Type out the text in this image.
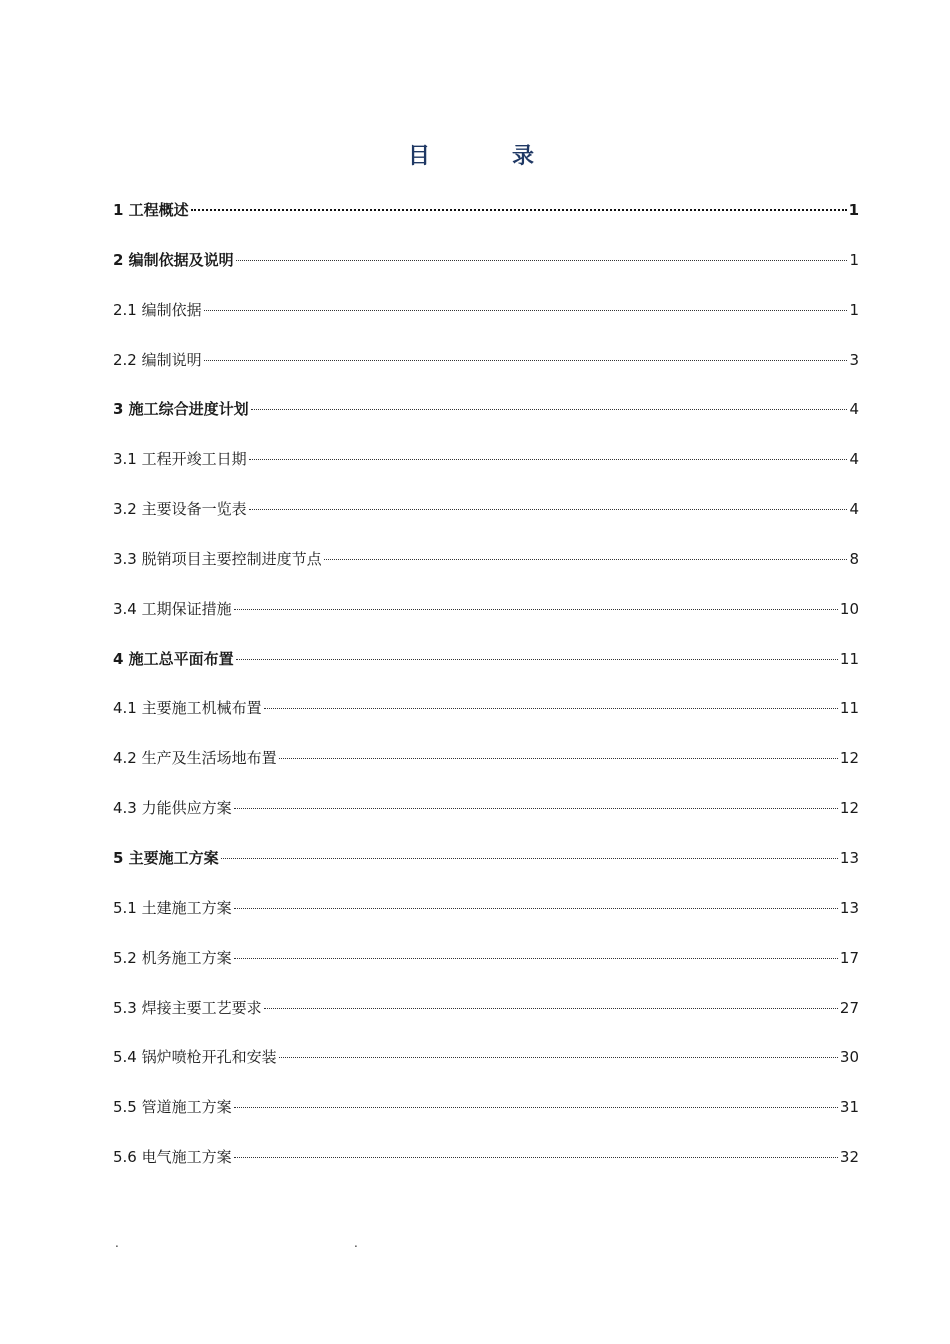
目　录
1 工程概述	1
2 编制依据及说明	1
2.1 编制依据	1
2.2 编制说明	3
3 施工综合进度计划	4
3.1 工程开竣工日期	4
3.2 主要设备一览表	4
3.3 脱销项目主要控制进度节点	8
3.4 工期保证措施	10
4 施工总平面布置	11
4.1 主要施工机械布置	11
4.2 生产及生活场地布置	12
4.3 力能供应方案	12
5 主要施工方案	13
5.1 土建施工方案	13
5.2 机务施工方案	17
5.3 焊接主要工艺要求	27
5.4 锅炉喷枪开孔和安装	30
5.5 管道施工方案	31
5.6 电气施工方案	32
.	.
